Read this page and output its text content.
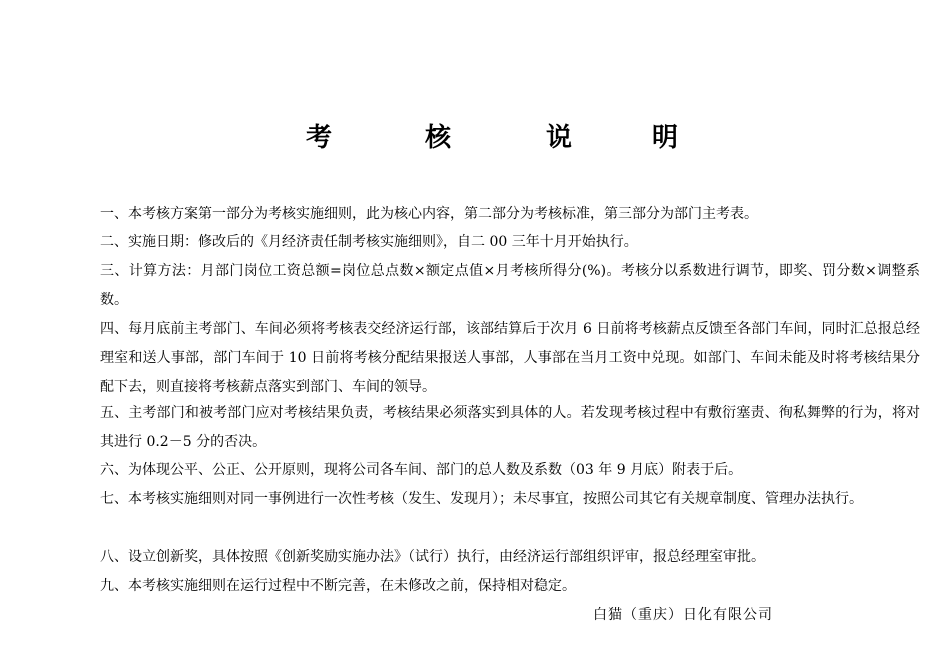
考	核	说	明

一、本考核方案第一部分为考核实施细则，此为核心内容，第二部分为考核标准，第三部分为部门主考表。

二、实施日期：修改后的《月经济责任制考核实施细则》，自二 00 三年十月开始执行。

三、计算方法：月部门岗位工资总额=岗位总点数×额定点值×月考核所得分(%)。考核分以系数进行调节，即奖、罚分数×调整系数。

四、每月底前主考部门、车间必须将考核表交经济运行部，该部结算后于次月 6 日前将考核薪点反馈至各部门车间，同时汇总报总经理室和送人事部，部门车间于 10 日前将考核分配结果报送人事部，人事部在当月工资中兑现。如部门、车间未能及时将考核结果分配下去，则直接将考核薪点落实到部门、车间的领导。

五、主考部门和被考部门应对考核结果负责，考核结果必须落实到具体的人。若发现考核过程中有敷衍塞责、徇私舞弊的行为，将对其进行 0.2－5 分的否决。

六、为体现公平、公正、公开原则，现将公司各车间、部门的总人数及系数（03 年 9 月底）附表于后。

七、本考核实施细则对同一事例进行一次性考核（发生、发现月）；未尽事宜，按照公司其它有关规章制度、管理办法执行。

八、设立创新奖，具体按照《创新奖励实施办法》（试行）执行，由经济运行部组织评审，报总经理室审批。

九、本考核实施细则在运行过程中不断完善，在未修改之前，保持相对稳定。

白猫（重庆）日化有限公司
